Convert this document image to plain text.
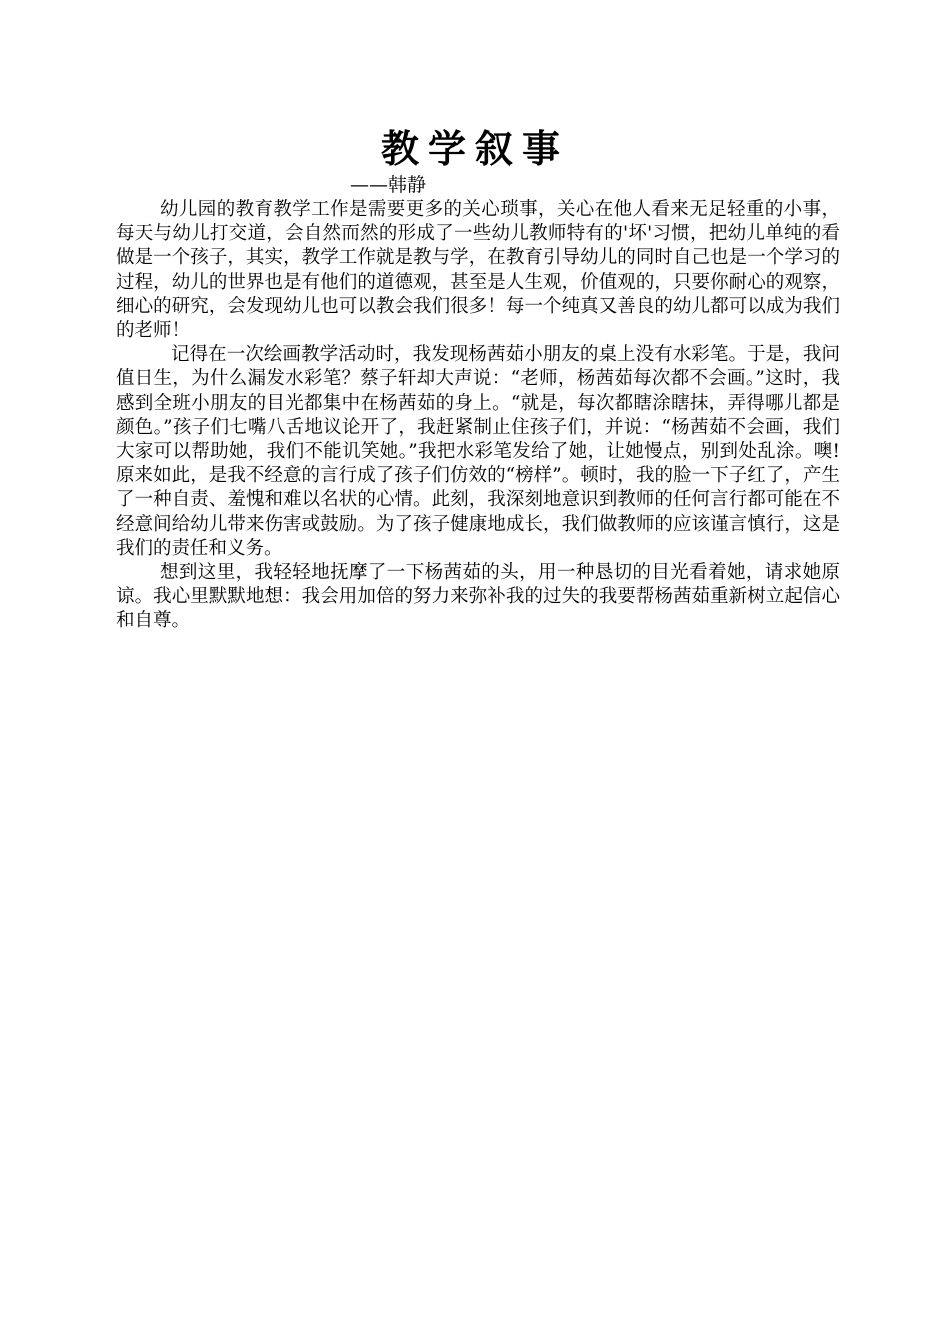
教学叙事

——韩静

幼儿园的教育教学工作是需要更多的关心琐事，关心在他人看来无足轻重的小事，每天与幼儿打交道，会自然而然的形成了一些幼儿教师特有的'坏'习惯，把幼儿单纯的看做是一个孩子，其实，教学工作就是教与学，在教育引导幼儿的同时自己也是一个学习的过程，幼儿的世界也是有他们的道德观，甚至是人生观，价值观的，只要你耐心的观察，细心的研究，会发现幼儿也可以教会我们很多！每一个纯真又善良的幼儿都可以成为我们的老师！

记得在一次绘画教学活动时，我发现杨茜茹小朋友的桌上没有水彩笔。于是，我问值日生，为什么漏发水彩笔？蔡子轩却大声说：“老师，杨茜茹每次都不会画。”这时，我感到全班小朋友的目光都集中在杨茜茹的身上。“就是，每次都瞎涂瞎抹，弄得哪儿都是颜色。”孩子们七嘴八舌地议论开了，我赶紧制止住孩子们，并说：“杨茜茹不会画，我们大家可以帮助她，我们不能讥笑她。”我把水彩笔发给了她，让她慢点，别到处乱涂。噢!原来如此，是我不经意的言行成了孩子们仿效的“榜样”。顿时，我的脸一下子红了，产生了一种自责、羞愧和难以名状的心情。此刻，我深刻地意识到教师的任何言行都可能在不经意间给幼儿带来伤害或鼓励。为了孩子健康地成长，我们做教师的应该谨言慎行，这是我们的责任和义务。

想到这里，我轻轻地抚摩了一下杨茜茹的头，用一种恳切的目光看着她，请求她原谅。我心里默默地想：我会用加倍的努力来弥补我的过失的我要帮杨茜茹重新树立起信心和自尊。
